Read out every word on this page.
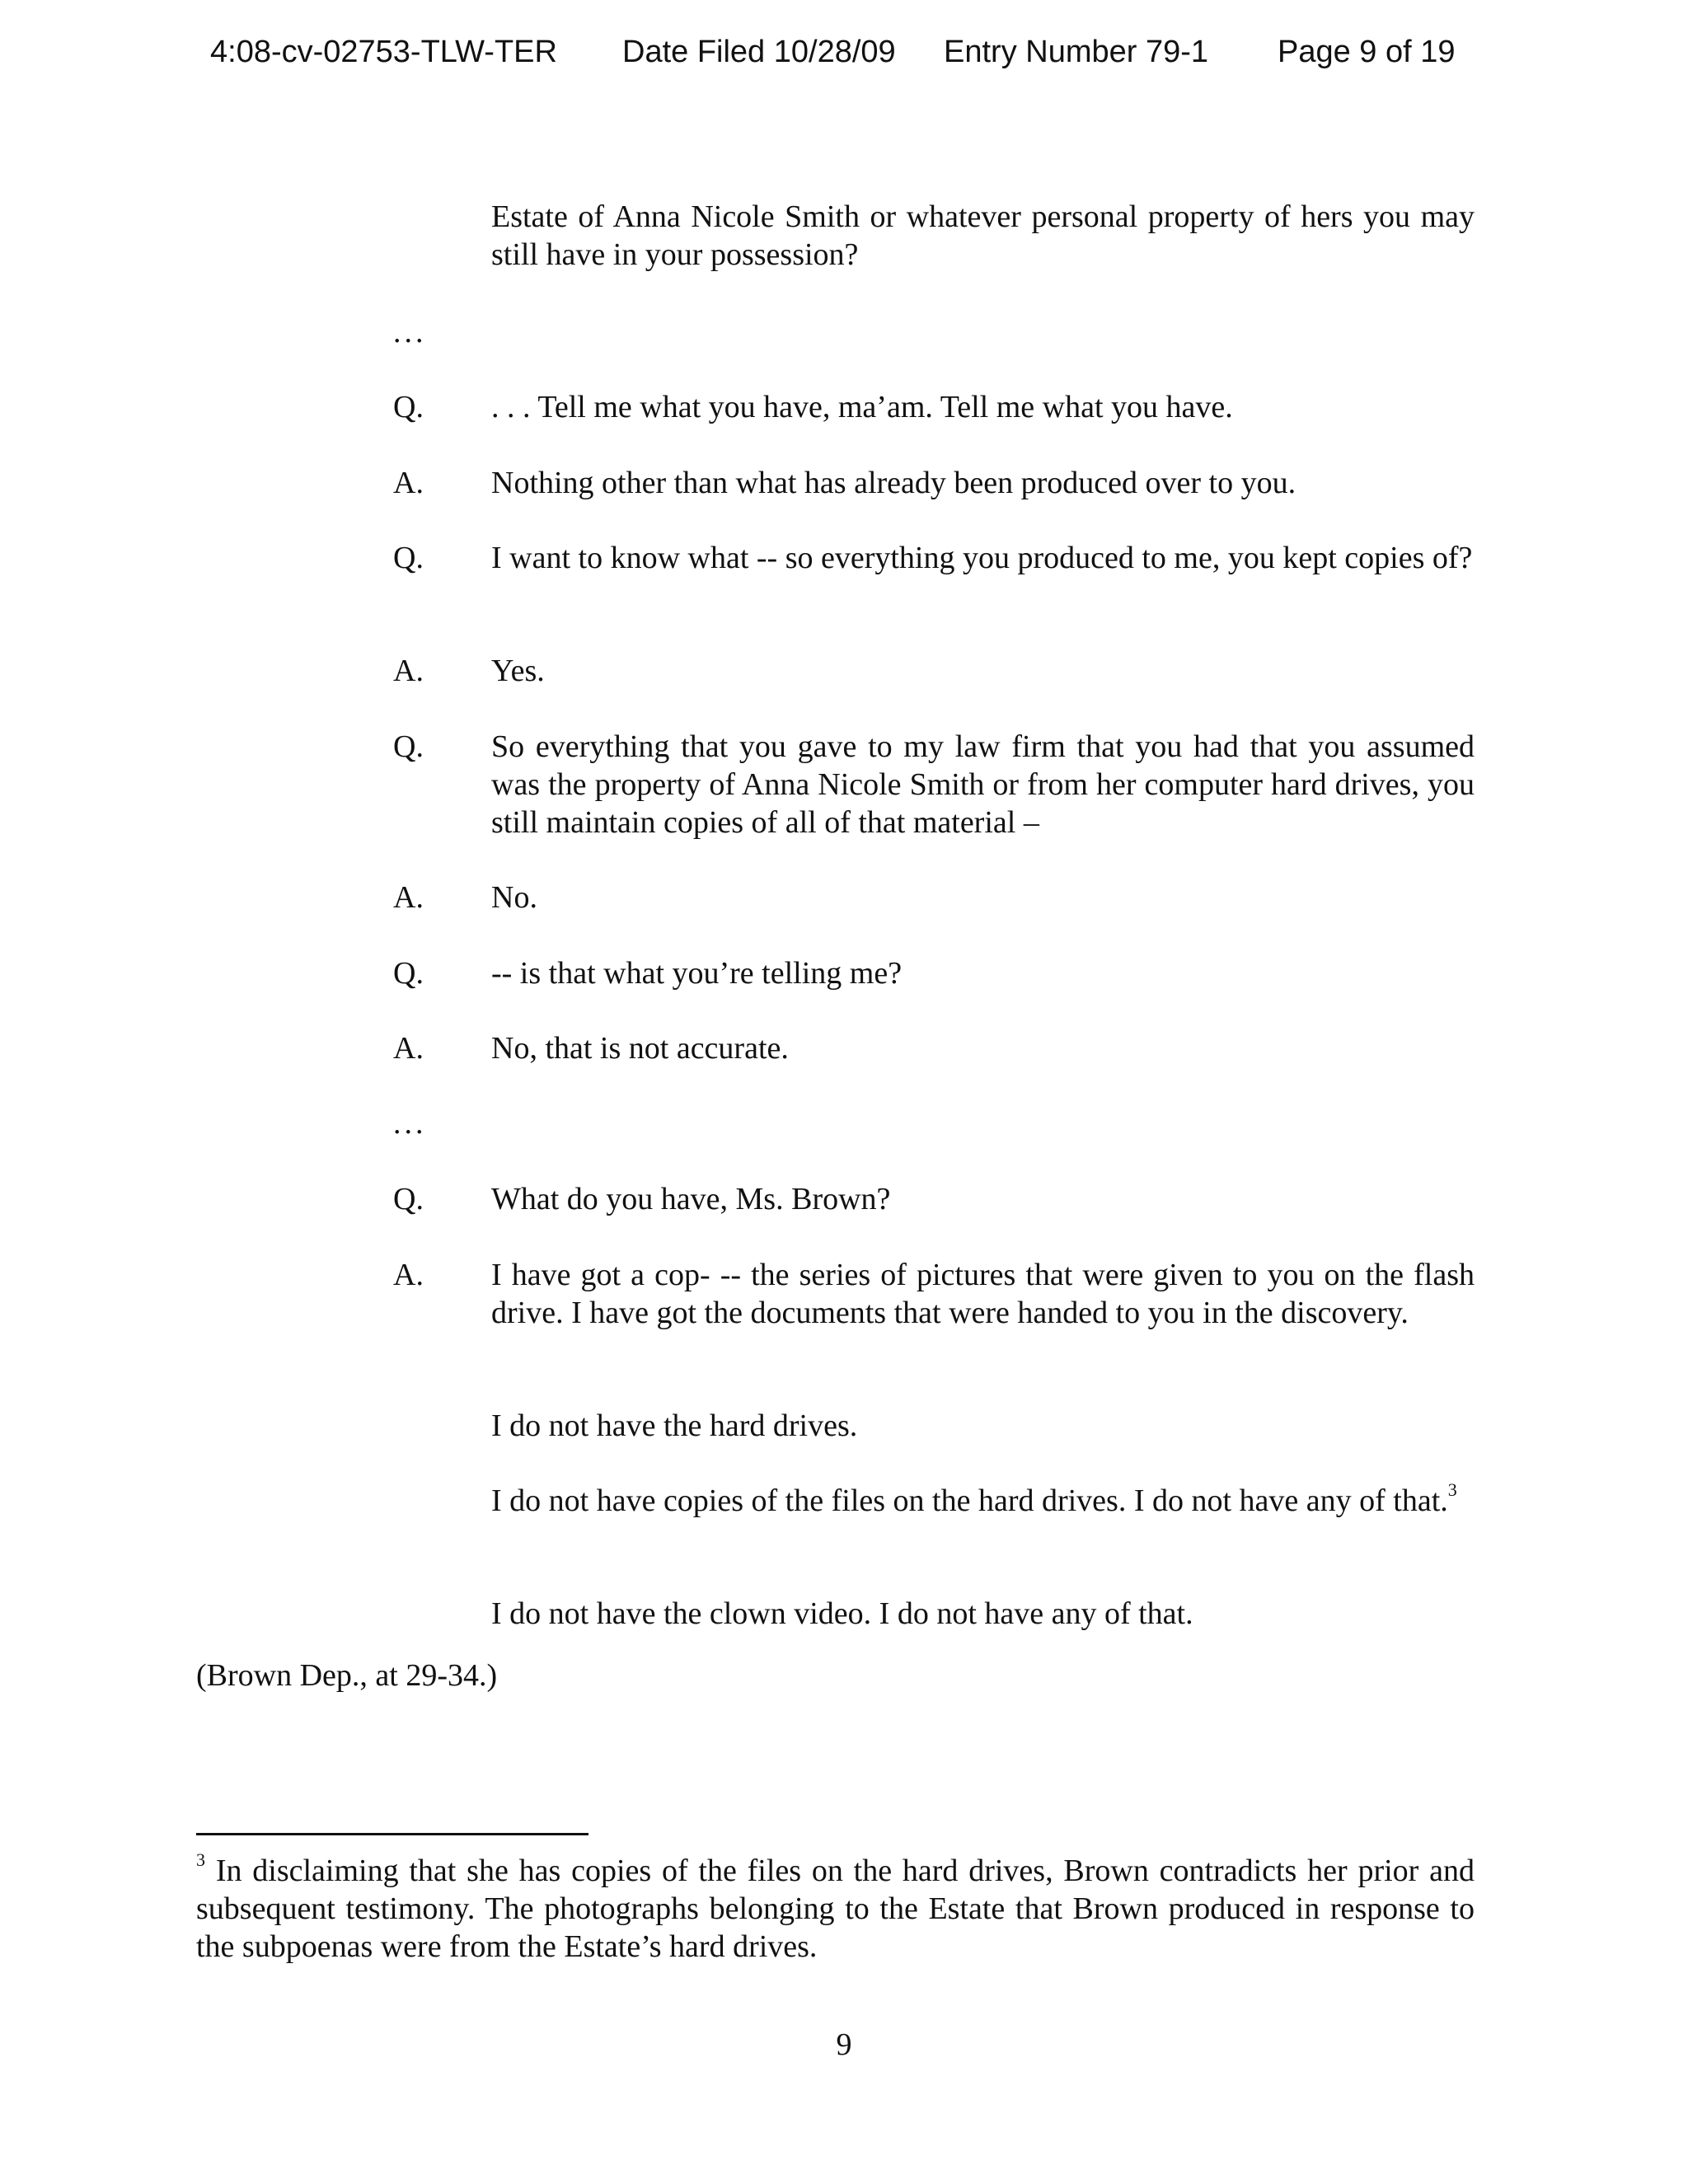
4:08-cv-02753-TLW-TER	Date Filed 10/28/09	Entry Number 79-1	Page 9 of 19
Estate of Anna Nicole Smith or whatever personal property of hers you may still have in your possession?
...
Q. . . . Tell me what you have, ma’am. Tell me what you have.
A. Nothing other than what has already been produced over to you.
Q. I want to know what -- so everything you produced to me, you kept copies of?
A. Yes.
Q. So everything that you gave to my law firm that you had that you assumed was the property of Anna Nicole Smith or from her computer hard drives, you still maintain copies of all of that material –
A. No.
Q. -- is that what you’re telling me?
A. No, that is not accurate.
...
Q. What do you have, Ms. Brown?
A. I have got a cop- -- the series of pictures that were given to you on the flash drive. I have got the documents that were handed to you in the discovery.
I do not have the hard drives.
I do not have copies of the files on the hard drives. I do not have any of that.$^3$
I do not have the clown video. I do not have any of that.
(Brown Dep., at 29-34.)
$^3$ In disclaiming that she has copies of the files on the hard drives, Brown contradicts her prior and subsequent testimony. The photographs belonging to the Estate that Brown produced in response to the subpoenas were from the Estate’s hard drives.
9
